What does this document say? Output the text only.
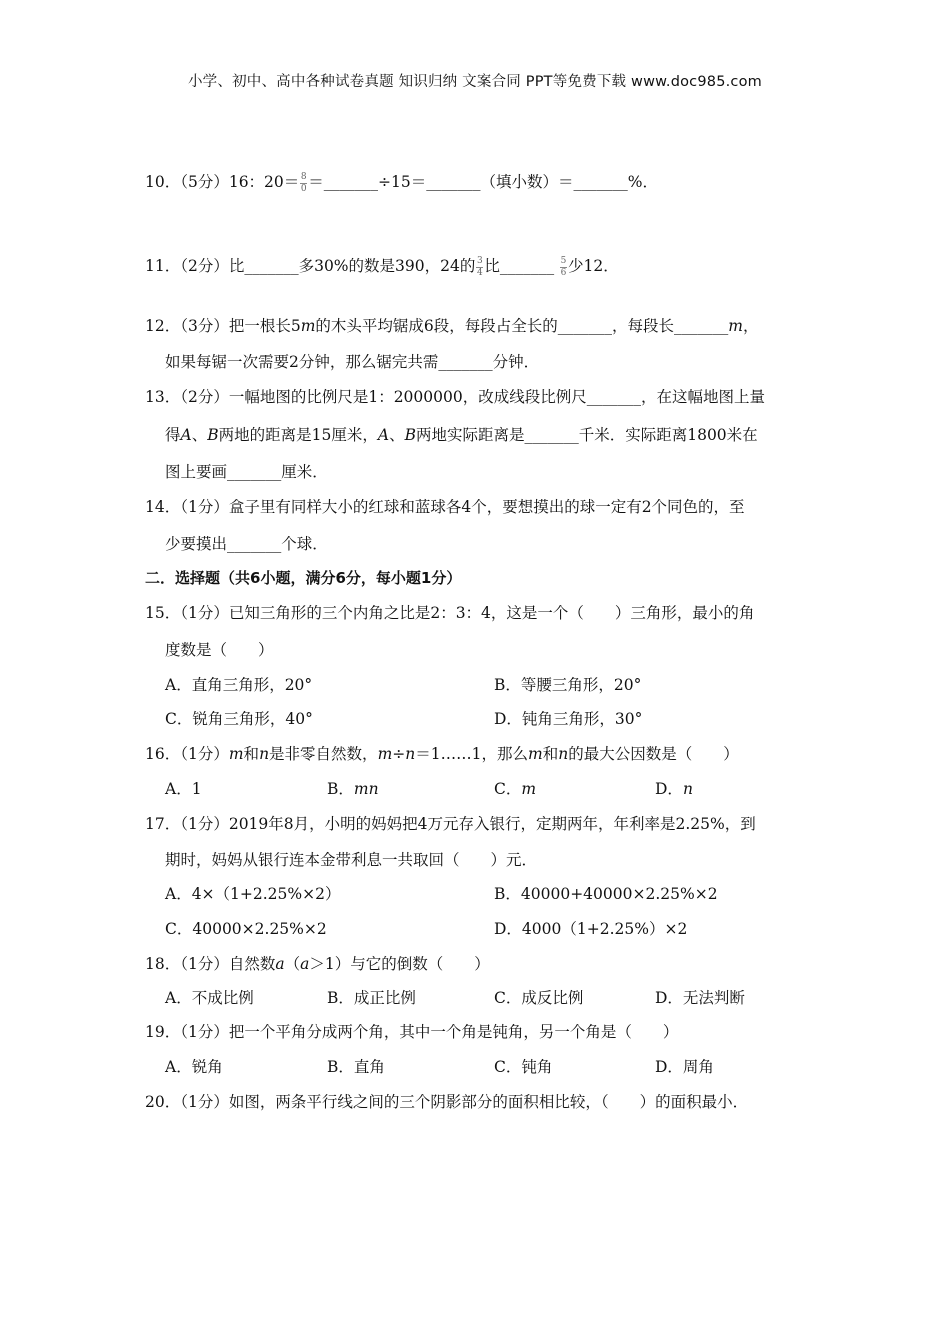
小学、初中、高中各种试卷真题 知识归纳 文案合同 PPT等免费下载 www.doc985.com
10．（5分）16：$20= \frac{8}{0}$ ＝_______÷15＝_______（填小数）＝_______%．
11．（2分）比_______多30%的数是390，24的 $\frac{3}{4}$ 比_______ $\frac{5}{6}$ 少12．
12．（3分）把一根长5m的木头平均锯成6段，每段占全长的_______，每段长_______m，
如果每锯一次需要2分钟，那么锯完共需_______分钟．
13．（2分）一幅地图的比例尺是1：2000000，改成线段比例尺_______，在这幅地图上量
得A、B两地的距离是15厘米，A、B两地实际距离是_______千米．实际距离1800米在
图上要画_______厘米．
14．（1分）盒子里有同样大小的红球和蓝球各4个，要想摸出的球一定有2个同色的，至
少要摸出_______个球．
二．选择题（共6小题，满分6分，每小题1分）
15．（1分）已知三角形的三个内角之比是2：3：4，这是一个（　　）三角形，最小的角
度数是（　　）
A．直角三角形，20°	B．等腰三角形，20°
C．锐角三角形，40°	D．钝角三角形，30°
16．（1分）m和n是非零自然数，m÷n＝1……1，那么m和n的最大公因数是（　　）
A．1	B．mn	C．m	D．n
17．（1分）2019年8月，小明的妈妈把4万元存入银行，定期两年，年利率是2.25%，到
期时，妈妈从银行连本金带利息一共取回（　　）元．
A．4×（1+2.25%×2）	B．40000+40000×2.25%×2
C．40000×2.25%×2	D．4000（1+2.25%）×2
18．（1分）自然数a（a＞1）与它的倒数（　　）
A．不成比例	B．成正比例	C．成反比例	D．无法判断
19．（1分）把一个平角分成两个角，其中一个角是钝角，另一个角是（　　）
A．锐角	B．直角	C．钝角	D．周角
20．（1分）如图，两条平行线之间的三个阴影部分的面积相比较，（　　）的面积最小．
